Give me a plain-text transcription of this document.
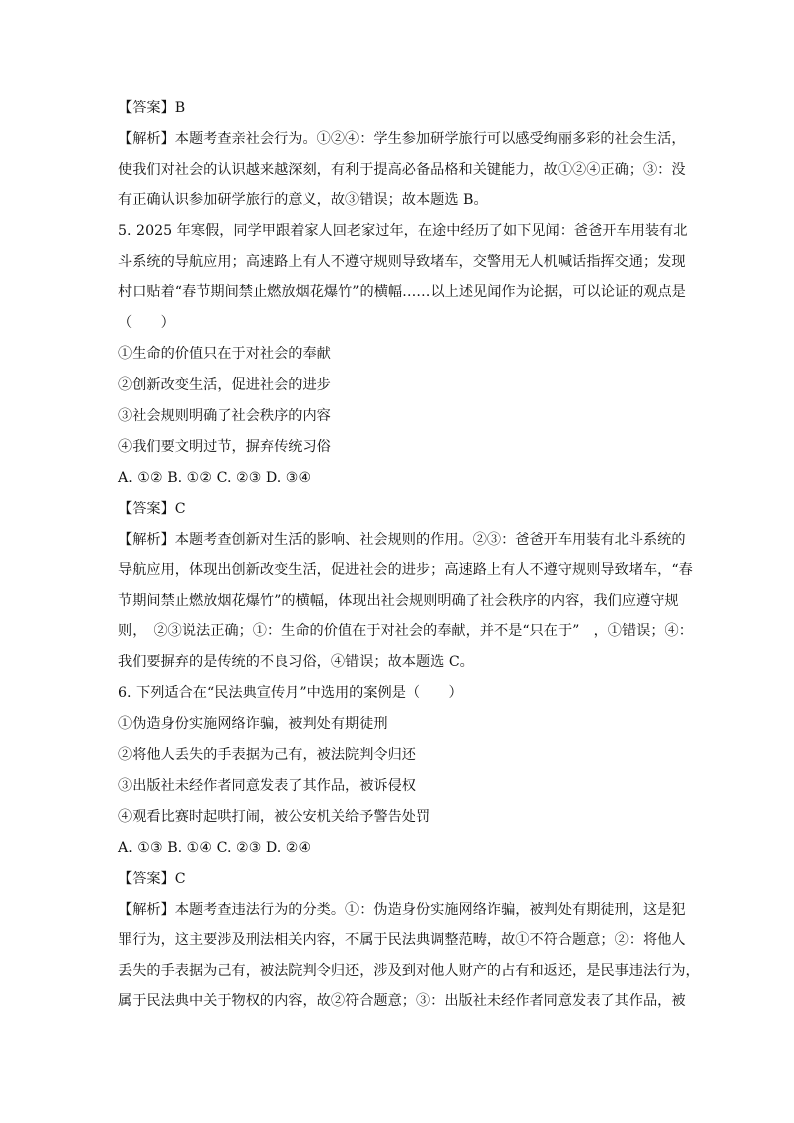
【答案】B

【解析】本题考查亲社会行为。①②④：学生参加研学旅行可以感受绚丽多彩的社会生活，

使我们对社会的认识越来越深刻，有利于提高必备品格和关键能力，故①②④正确；③：没

有正确认识参加研学旅行的意义，故③错误；故本题选 B。

5. 2025 年寒假，同学甲跟着家人回老家过年，在途中经历了如下见闻：爸爸开车用装有北

斗系统的导航应用；高速路上有人不遵守规则导致堵车，交警用无人机喊话指挥交通；发现

村口贴着“春节期间禁止燃放烟花爆竹”的横幅……以上述见闻作为论据，可以论证的观点是

（　　）

①生命的价值只在于对社会的奉献

②创新改变生活，促进社会的进步

③社会规则明确了社会秩序的内容

④我们要文明过节，摒弃传统习俗

A. ①② B. ①② C. ②③ D. ③④

【答案】C

【解析】本题考查创新对生活的影响、社会规则的作用。②③：爸爸开车用装有北斗系统的

导航应用，体现出创新改变生活，促进社会的进步；高速路上有人不遵守规则导致堵车，“春

节期间禁止燃放烟花爆竹”的横幅，体现出社会规则明确了社会秩序的内容，我们应遵守规

则，　②③说法正确；①：生命的价值在于对社会的奉献，并不是“只在于”　，①错误；④：

我们要摒弃的是传统的不良习俗，④错误；故本题选 C。

6. 下列适合在“民法典宣传月”中选用的案例是（　　）

①伪造身份实施网络诈骗，被判处有期徒刑

②将他人丢失的手表据为己有，被法院判令归还

③出版社未经作者同意发表了其作品，被诉侵权

④观看比赛时起哄打闹，被公安机关给予警告处罚

A. ①③ B. ①④ C. ②③ D. ②④

【答案】C

【解析】本题考查违法行为的分类。①：伪造身份实施网络诈骗，被判处有期徒刑，这是犯

罪行为，这主要涉及刑法相关内容，不属于民法典调整范畴，故①不符合题意；②：将他人

丢失的手表据为己有，被法院判令归还，涉及到对他人财产的占有和返还，是民事违法行为，

属于民法典中关于物权的内容，故②符合题意；③：出版社未经作者同意发表了其作品，被
